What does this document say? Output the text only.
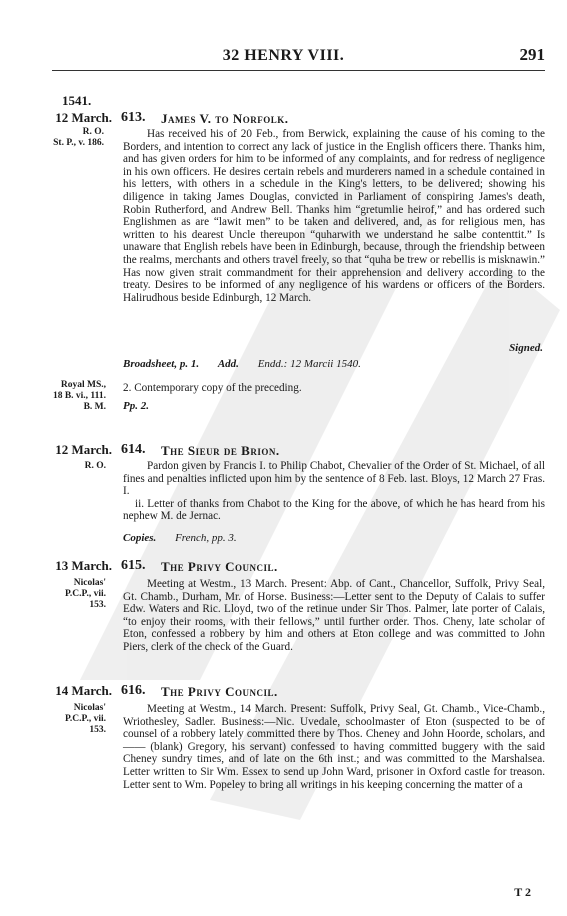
32 HENRY VIII.	291
1541.
12 March.
R. O.
St. P., v. 186.
613. James V. to Norfolk.

Has received his of 20 Feb., from Berwick, explaining the cause of his coming to the Borders, and intention to correct any lack of justice in the English officers there. Thanks him, and has given orders for him to be informed of any complaints, and for redress of negligence in his own officers. He desires certain rebels and murderers named in a schedule contained in his letters, with others in a schedule in the King's letters, to be delivered; showing his diligence in taking James Douglas, convicted in Parliament of conspiring James's death, Robin Rutherford, and Andrew Bell. Thanks him “gretumlie heirof,” and has ordered such Englishmen as are “lawit men” to be taken and delivered, and, as for religious men, has written to his dearest Uncle thereupon “quharwith we understand he salbe contenttit.” Is unaware that English rebels have been in Edinburgh, because, through the friendship between the realms, merchants and others travel freely, so that “quha be trew or rebellis is misknawin.” Has now given strait commandment for their apprehension and delivery according to the treaty. Desires to be informed of any negligence of his wardens or officers of the Borders. Halirudhous beside Edinburgh, 12 March.

Signed.
Broadsheet, p. 1. Add. Endd.: 12 Marcii 1540.
Royal MS.,
18 B. vi., 111.
B. M.

2. Contemporary copy of the preceding.

Pp. 2.
12 March.
R. O.
614. The Sieur de Brion.

Pardon given by Francis I. to Philip Chabot, Chevalier of the Order of St. Michael, of all fines and penalties inflicted upon him by the sentence of 8 Feb. last. Bloys, 12 March 27 Fras. I.

ii. Letter of thanks from Chabot to the King for the above, of which he has heard from his nephew M. de Jernac.

Copies. French, pp. 3.
13 March.
Nicolas'
P.C.P., vii.
153.
615. The Privy Council.

Meeting at Westm., 13 March. Present: Abp. of Cant., Chancellor, Suffolk, Privy Seal, Gt. Chamb., Durham, Mr. of Horse. Business:—Letter sent to the Deputy of Calais to suffer Edw. Waters and Ric. Lloyd, two of the retinue under Sir Thos. Palmer, late porter of Calais, “to enjoy their rooms, with their fellows,” until further order. Thos. Cheny, late scholar of Eton, confessed a robbery by him and others at Eton college and was committed to John Piers, clerk of the check of the Guard.

14 March.
Nicolas'
P.C.P., vii.
153.
616. The Privy Council.

Meeting at Westm., 14 March. Present: Suffolk, Privy Seal, Gt. Chamb., Vice-Chamb., Wriothesley, Sadler. Business:—Nic. Uvedale, schoolmaster of Eton (suspected to be of counsel of a robbery lately committed there by Thos. Cheney and John Hoorde, scholars, and —— (blank) Gregory, his servant) confessed to having committed buggery with the said Cheney sundry times, and of late on the 6th inst.; and was committed to the Marshalsea. Letter written to Sir Wm. Essex to send up John Ward, prisoner in Oxford castle for treason. Letter sent to Wm. Popeley to bring all writings in his keeping concerning the matter of a

T 2
